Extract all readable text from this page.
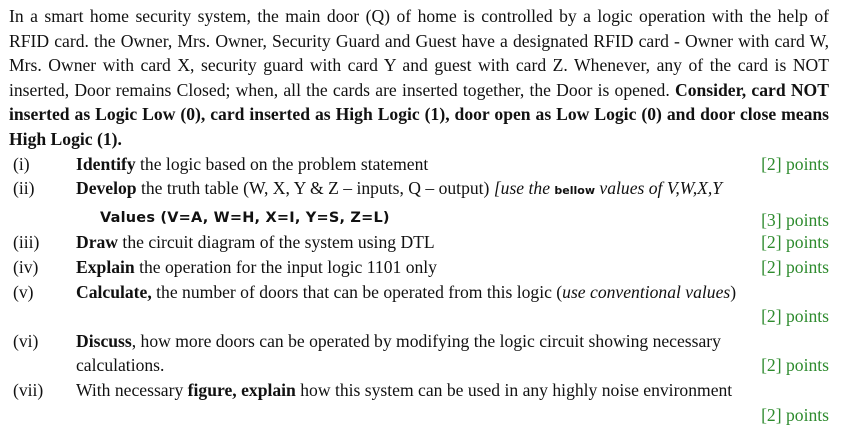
In a smart home security system, the main door (Q) of home is controlled by a logic operation with the help of RFID card. the Owner, Mrs. Owner, Security Guard and Guest have a designated RFID card - Owner with card W, Mrs. Owner with card X, security guard with card Y and guest with card Z. Whenever, any of the card is NOT inserted, Door remains Closed; when, all the cards are inserted together, the Door is opened. Consider, card NOT inserted as Logic Low (0), card inserted as High Logic (1), door open as Low Logic (0) and door close means High Logic (1).

(i)	Identify the logic based on the problem statement	[2] points
(ii)	Develop the truth table (W, X, Y & Z – inputs, Q – output) [use the bellow values of V,W,X,Y
Values (V=A, W=H, X=I, Y=S, Z=L)	[3] points
(iii)	Draw the circuit diagram of the system using DTL	[2] points
(iv)	Explain the operation for the input logic 1101 only	[2] points
(v)	Calculate, the number of doors that can be operated from this logic (use conventional values)
[2] points
(vi)	Discuss, how more doors can be operated by modifying the logic circuit showing necessary
calculations.	[2] points
(vii)	With necessary figure, explain how this system can be used in any highly noise environment
[2] points
